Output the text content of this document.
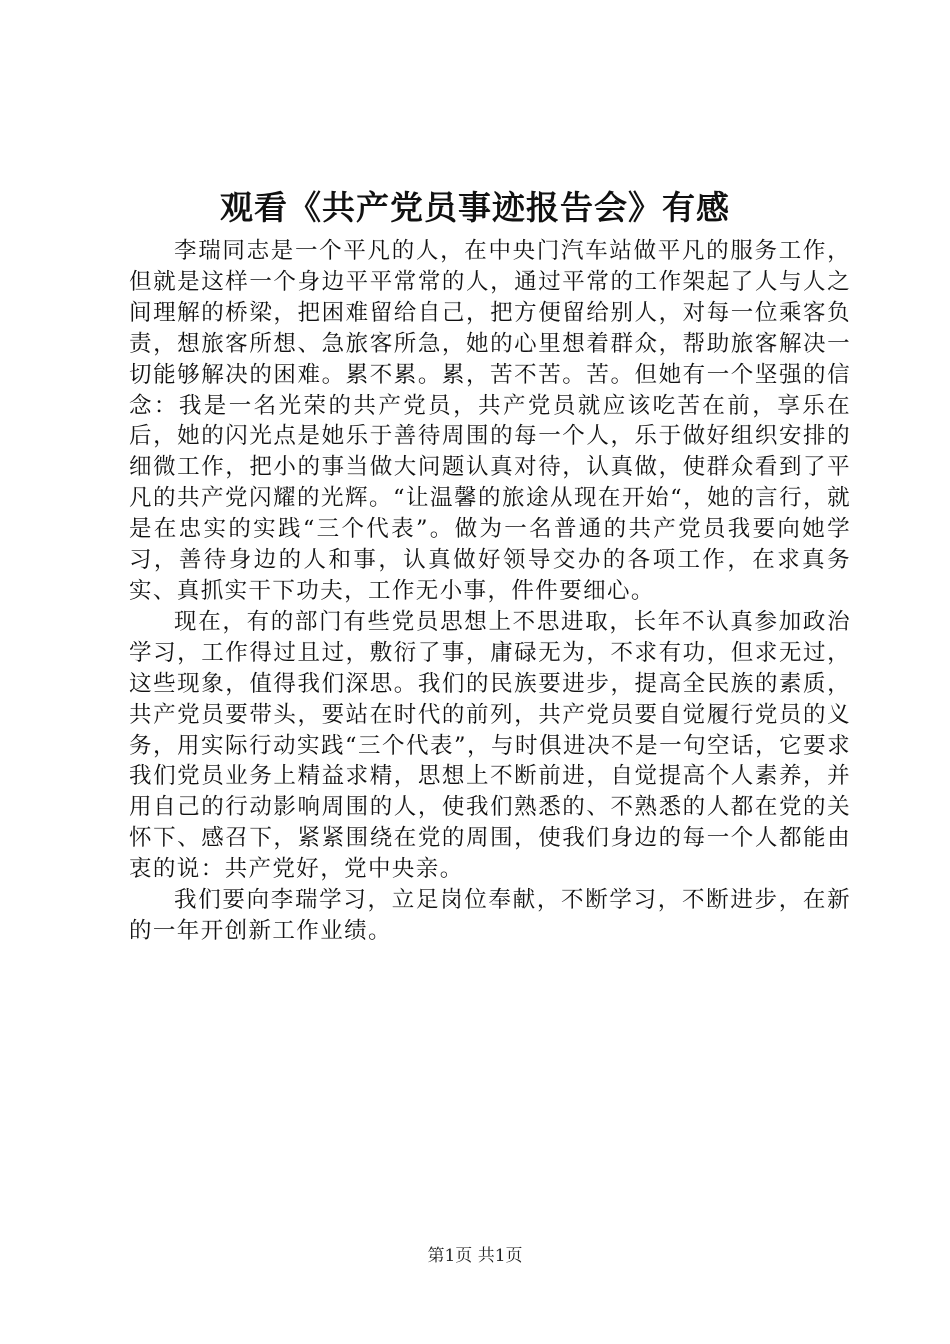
观看《共产党员事迹报告会》有感

李瑞同志是一个平凡的人，在中央门汽车站做平凡的服务工作，但就是这样一个身边平平常常的人，通过平常的工作架起了人与人之间理解的桥梁，把困难留给自己，把方便留给别人，对每一位乘客负责，想旅客所想、急旅客所急，她的心里想着群众，帮助旅客解决一切能够解决的困难。累不累。累，苦不苦。苦。但她有一个坚强的信念：我是一名光荣的共产党员，共产党员就应该吃苦在前，享乐在后，她的闪光点是她乐于善待周围的每一个人，乐于做好组织安排的细微工作，把小的事当做大问题认真对待，认真做，使群众看到了平凡的共产党闪耀的光辉。“让温馨的旅途从现在开始“，她的言行，就是在忠实的实践“三个代表”。做为一名普通的共产党员我要向她学习，善待身边的人和事，认真做好领导交办的各项工作，在求真务实、真抓实干下功夫，工作无小事，件件要细心。

现在，有的部门有些党员思想上不思进取，长年不认真参加政治学习，工作得过且过，敷衍了事，庸碌无为，不求有功，但求无过，这些现象，值得我们深思。我们的民族要进步，提高全民族的素质，共产党员要带头，要站在时代的前列，共产党员要自觉履行党员的义务，用实际行动实践“三个代表”，与时俱进决不是一句空话，它要求我们党员业务上精益求精，思想上不断前进，自觉提高个人素养，并用自己的行动影响周围的人，使我们熟悉的、不熟悉的人都在党的关怀下、感召下，紧紧围绕在党的周围，使我们身边的每一个人都能由衷的说：共产党好，党中央亲。

我们要向李瑞学习，立足岗位奉献，不断学习，不断进步，在新的一年开创新工作业绩。

第1页 共1页
